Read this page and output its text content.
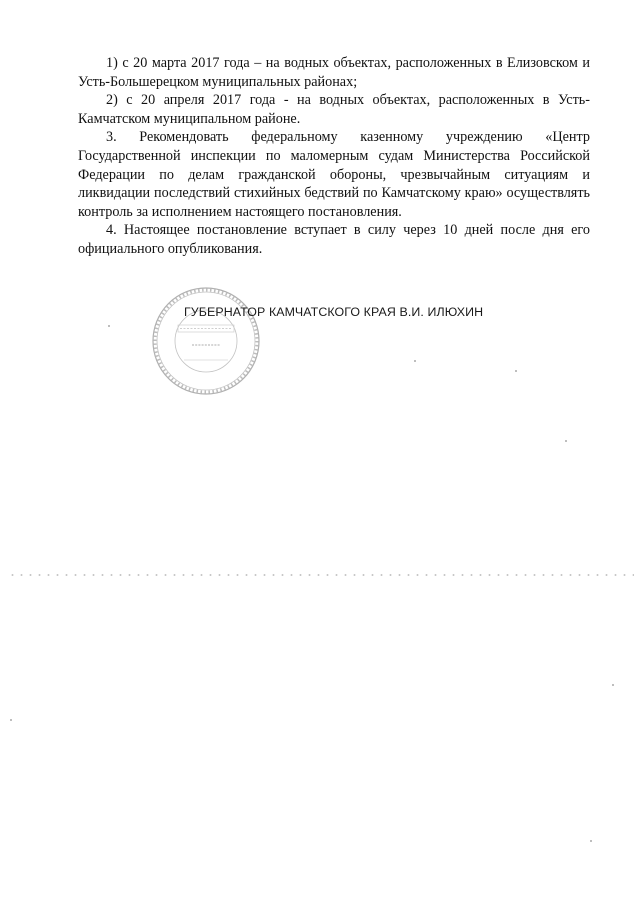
1) с 20 марта 2017 года – на водных объектах, расположенных в Елизовском и Усть-Большерецком муниципальных районах;

2) с 20 апреля 2017 года - на водных объектах, расположенных в Усть-Камчатском муниципальном районе.

3. Рекомендовать федеральному казенному учреждению «Центр Государственной инспекции по маломерным судам Министерства Российской Федерации по делам гражданской обороны, чрезвычайным ситуациям и ликвидации последствий стихийных бедствий по Камчатскому краю» осуществлять контроль за исполнением настоящего постановления.

4. Настоящее постановление вступает в силу через 10 дней после дня его официального опубликования.

ГУБЕРНАТОР КАМЧАТСКОГО КРАЯ В.И. ИЛЮХИН
